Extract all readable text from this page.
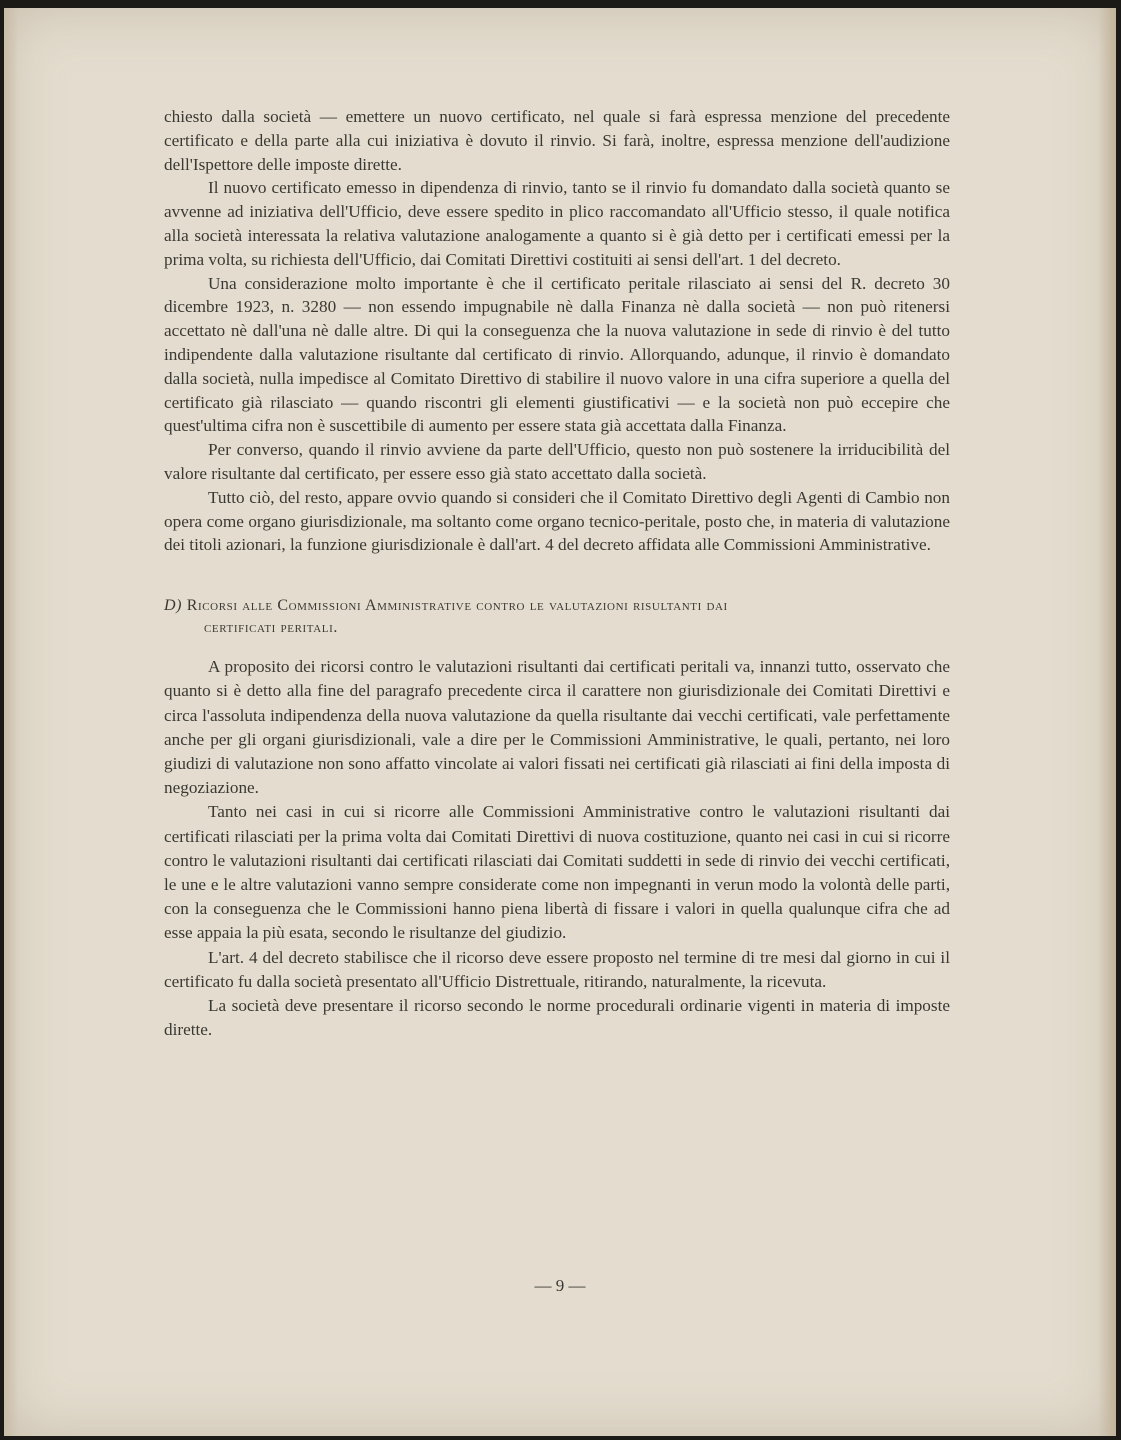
chiesto dalla società — emettere un nuovo certificato, nel quale si farà espressa menzione del precedente certificato e della parte alla cui iniziativa è dovuto il rinvio. Si farà, inoltre, espressa menzione dell'audizione dell'Ispettore delle imposte dirette.

Il nuovo certificato emesso in dipendenza di rinvio, tanto se il rinvio fu domandato dalla società quanto se avvenne ad iniziativa dell'Ufficio, deve essere spedito in plico raccomandato all'Ufficio stesso, il quale notifica alla società interessata la relativa valutazione analogamente a quanto si è già detto per i certificati emessi per la prima volta, su richiesta dell'Ufficio, dai Comitati Direttivi costituiti ai sensi dell'art. 1 del decreto.

Una considerazione molto importante è che il certificato peritale rilasciato ai sensi del R. decreto 30 dicembre 1923, n. 3280 — non essendo impugnabile nè dalla Finanza nè dalla società — non può ritenersi accettato nè dall'una nè dalle altre. Di qui la conseguenza che la nuova valutazione in sede di rinvio è del tutto indipendente dalla valutazione risultante dal certificato di rinvio. Allorquando, adunque, il rinvio è domandato dalla società, nulla impedisce al Comitato Direttivo di stabilire il nuovo valore in una cifra superiore a quella del certificato già rilasciato — quando riscontri gli elementi giustificativi — e la società non può eccepire che quest'ultima cifra non è suscettibile di aumento per essere stata già accettata dalla Finanza.

Per converso, quando il rinvio avviene da parte dell'Ufficio, questo non può sostenere la irriducibilità del valore risultante dal certificato, per essere esso già stato accettato dalla società.

Tutto ciò, del resto, appare ovvio quando si consideri che il Comitato Direttivo degli Agenti di Cambio non opera come organo giurisdizionale, ma soltanto come organo tecnico-peritale, posto che, in materia di valutazione dei titoli azionari, la funzione giurisdizionale è dall'art. 4 del decreto affidata alle Commissioni Amministrative.

D) Ricorsi alle Commissioni Amministrative contro le valutazioni risultanti dai
certificati peritali.

A proposito dei ricorsi contro le valutazioni risultanti dai certificati peritali va, innanzi tutto, osservato che quanto si è detto alla fine del paragrafo precedente circa il carattere non giurisdizionale dei Comitati Direttivi e circa l'assoluta indipendenza della nuova valutazione da quella risultante dai vecchi certificati, vale perfettamente anche per gli organi giurisdizionali, vale a dire per le Commissioni Amministrative, le quali, pertanto, nei loro giudizi di valutazione non sono affatto vincolate ai valori fissati nei certificati già rilasciati ai fini della imposta di negoziazione.

Tanto nei casi in cui si ricorre alle Commissioni Amministrative contro le valutazioni risultanti dai certificati rilasciati per la prima volta dai Comitati Direttivi di nuova costituzione, quanto nei casi in cui si ricorre contro le valutazioni risultanti dai certificati rilasciati dai Comitati suddetti in sede di rinvio dei vecchi certificati, le une e le altre valutazioni vanno sempre considerate come non impegnanti in verun modo la volontà delle parti, con la conseguenza che le Commissioni hanno piena libertà di fissare i valori in quella qualunque cifra che ad esse appaia la più esata, secondo le risultanze del giudizio.

L'art. 4 del decreto stabilisce che il ricorso deve essere proposto nel termine di tre mesi dal giorno in cui il certificato fu dalla società presentato all'Ufficio Distrettuale, ritirando, naturalmente, la ricevuta.

La società deve presentare il ricorso secondo le norme procedurali ordinarie vigenti in materia di imposte dirette.

— 9 —
